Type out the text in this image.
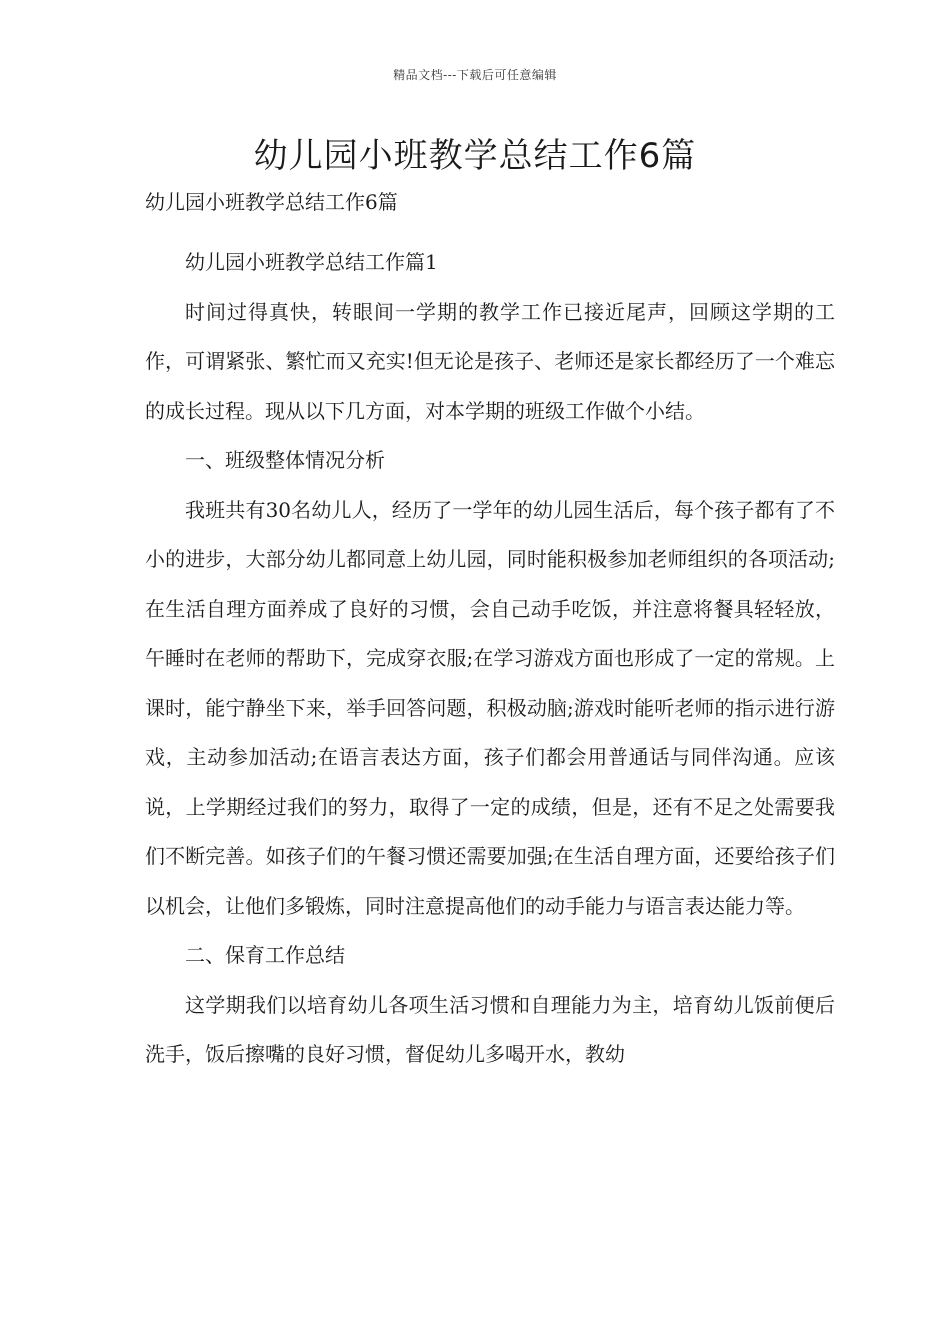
精品文档---下载后可任意编辑
幼儿园小班教学总结工作6篇

幼儿园小班教学总结工作6篇

幼儿园小班教学总结工作篇1

时间过得真快，转眼间一学期的教学工作已接近尾声，回顾这学期的工作，可谓紧张、繁忙而又充实!但无论是孩子、老师还是家长都经历了一个难忘的成长过程。现从以下几方面，对本学期的班级工作做个小结。

一、班级整体情况分析

我班共有30名幼儿人，经历了一学年的幼儿园生活后，每个孩子都有了不小的进步，大部分幼儿都同意上幼儿园，同时能积极参加老师组织的各项活动;在生活自理方面养成了良好的习惯，会自己动手吃饭，并注意将餐具轻轻放，午睡时在老师的帮助下，完成穿衣服;在学习游戏方面也形成了一定的常规。上课时，能宁静坐下来，举手回答问题，积极动脑;游戏时能听老师的指示进行游戏，主动参加活动;在语言表达方面，孩子们都会用普通话与同伴沟通。应该说，上学期经过我们的努力，取得了一定的成绩，但是，还有不足之处需要我们不断完善。如孩子们的午餐习惯还需要加强;在生活自理方面，还要给孩子们以机会，让他们多锻炼，同时注意提高他们的动手能力与语言表达能力等。

二、保育工作总结

这学期我们以培育幼儿各项生活习惯和自理能力为主，培育幼儿饭前便后洗手，饭后擦嘴的良好习惯，督促幼儿多喝开水，教幼
